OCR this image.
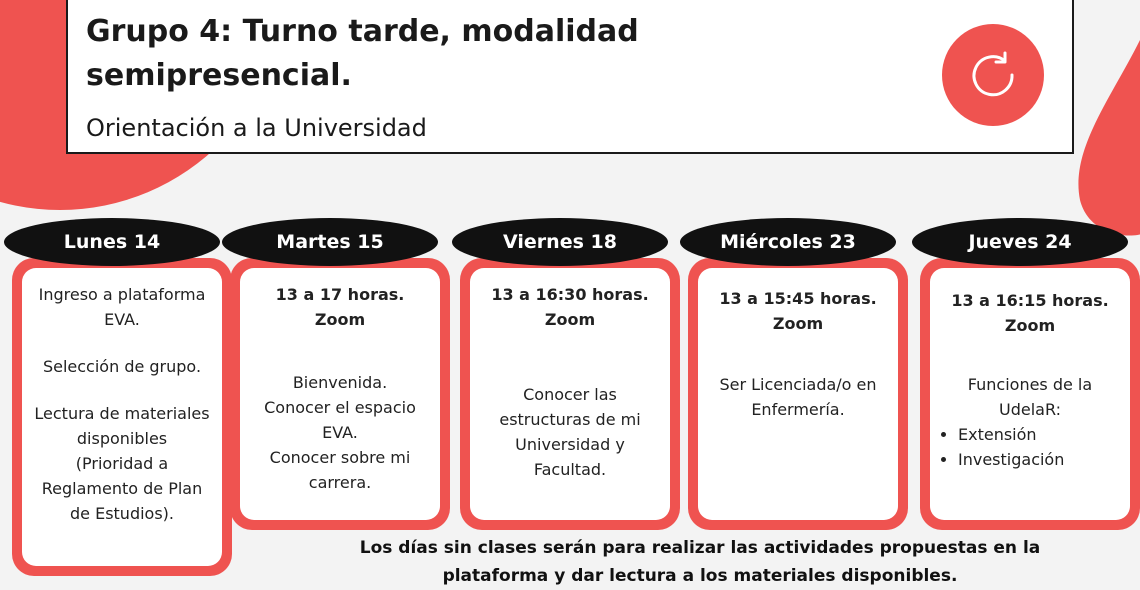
Grupo 4: Turno tarde, modalidad
semipresencial.
Orientación a la Universidad
Lunes 14
Ingreso a plataforma
EVA.
Selección de grupo.
Lectura de materiales
disponibles
(Prioridad a
Reglamento de Plan
de Estudios).
Martes 15
13 a 17 horas.
Zoom
Bienvenida.
Conocer el espacio
EVA.
Conocer sobre mi
carrera.
Viernes 18
13 a 16:30 horas.
Zoom
Conocer las
estructuras de mi
Universidad y
Facultad.
Miércoles 23
13 a 15:45 horas.
Zoom
Ser Licenciada/o en
Enfermería.
Jueves 24
13 a 16:15 horas.
Zoom
Funciones de la
UdelaR:
• Extensión
• Investigación
Los días sin clases serán para realizar las actividades propuestas en la
plataforma y dar lectura a los materiales disponibles.
